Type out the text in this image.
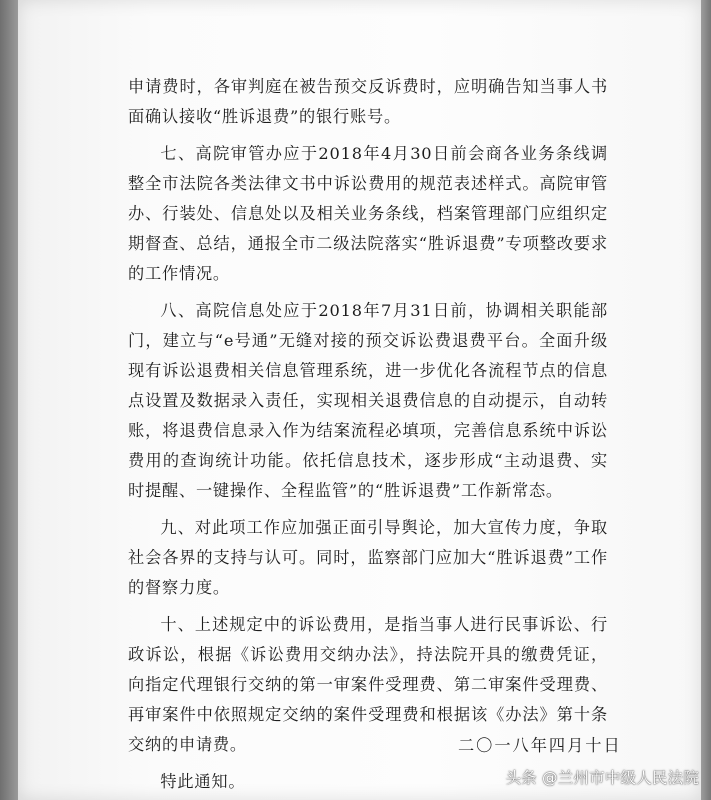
申请费时，各审判庭在被告预交反诉费时，应明确告知当事人书面确认接收“胜诉退费”的银行账号。

七、高院审管办应于2018年4月30日前会商各业务条线调整全市法院各类法律文书中诉讼费用的规范表述样式。高院审管办、行装处、信息处以及相关业务条线，档案管理部门应组织定期督查、总结，通报全市二级法院落实“胜诉退费”专项整改要求的工作情况。

八、高院信息处应于2018年7月31日前，协调相关职能部门，建立与“e号通”无缝对接的预交诉讼费退费平台。全面升级现有诉讼退费相关信息管理系统，进一步优化各流程节点的信息点设置及数据录入责任，实现相关退费信息的自动提示，自动转账，将退费信息录入作为结案流程必填项，完善信息系统中诉讼费用的查询统计功能。依托信息技术，逐步形成“主动退费、实时提醒、一键操作、全程监管”的“胜诉退费”工作新常态。

九、对此项工作应加强正面引导舆论，加大宣传力度，争取社会各界的支持与认可。同时，监察部门应加大“胜诉退费”工作的督察力度。

十、上述规定中的诉讼费用，是指当事人进行民事诉讼、行政诉讼，根据《诉讼费用交纳办法》，持法院开具的缴费凭证，向指定代理银行交纳的第一审案件受理费、第二审案件受理费、再审案件中依照规定交纳的案件受理费和根据该《办法》第十条交纳的申请费。

特此通知。
二〇一八年四月十日
头条 @兰州市中级人民法院
